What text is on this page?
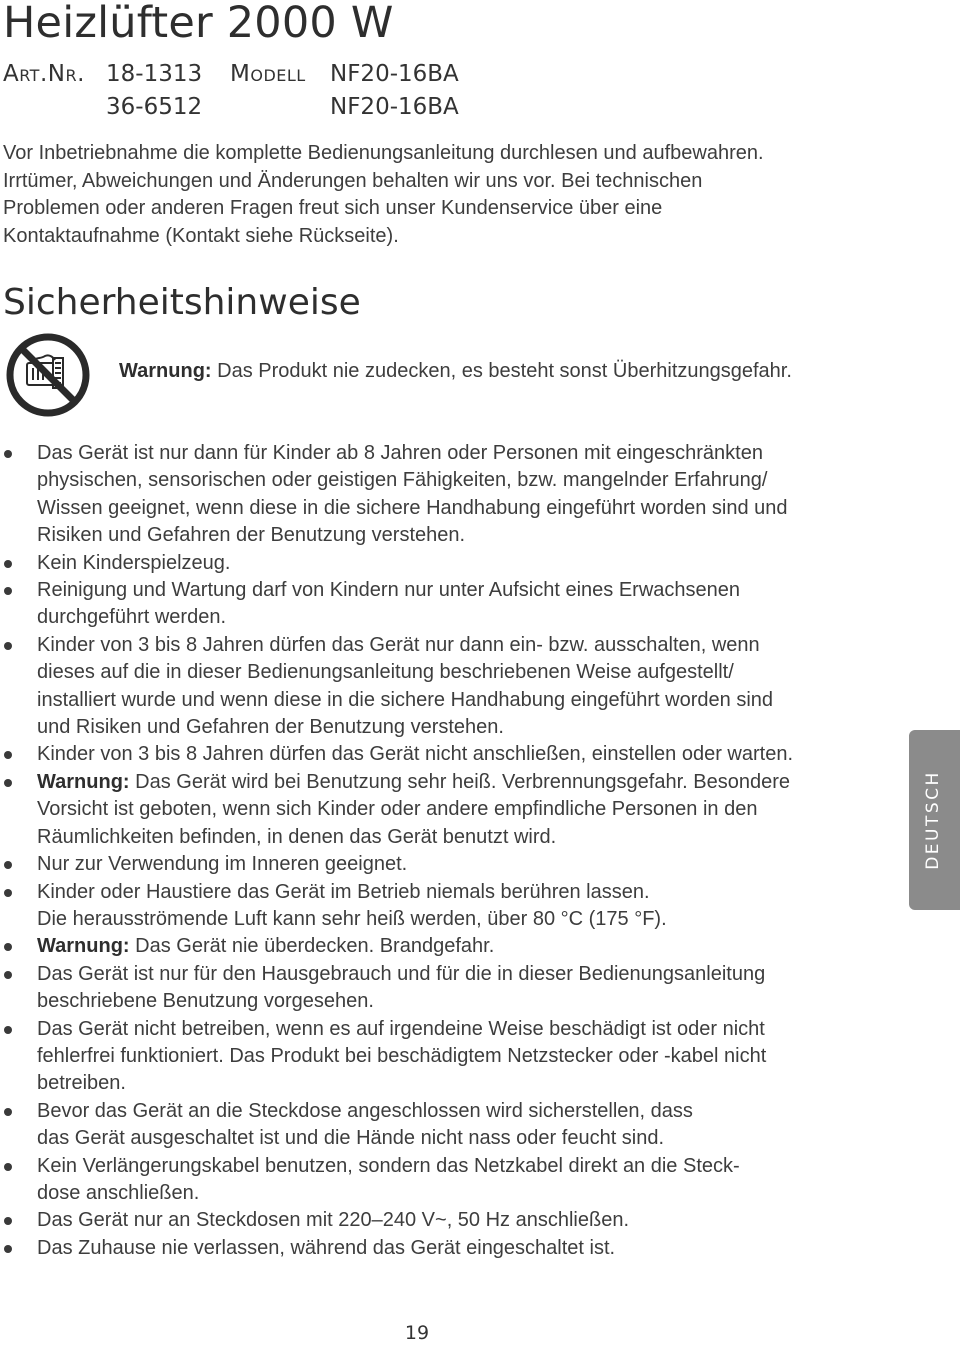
Heizlüfter 2000 W
Art.Nr. 18-1313 Modell NF20-16BA
36-6512	NF20-16BA

Vor Inbetriebnahme die komplette Bedienungsanleitung durchlesen und aufbewahren.

Irrtümer, Abweichungen und Änderungen behalten wir uns vor. Bei technischen

Problemen oder anderen Fragen freut sich unser Kundenservice über eine

Kontaktaufnahme (Kontakt siehe Rückseite).

Sicherheitshinweise
Warnung: Das Produkt nie zudecken, es besteht sonst Überhitzungsgefahr.
Das Gerät ist nur dann für Kinder ab 8 Jahren oder Personen mit eingeschränkten
physischen, sensorischen oder geistigen Fähigkeiten, bzw. mangelnder Erfahrung/
Wissen geeignet, wenn diese in die sichere Handhabung eingeführt worden sind und
Risiken und Gefahren der Benutzung verstehen.
Kein Kinderspielzeug.
Reinigung und Wartung darf von Kindern nur unter Aufsicht eines Erwachsenen
durchgeführt werden.
Kinder von 3 bis 8 Jahren dürfen das Gerät nur dann ein- bzw. ausschalten, wenn
dieses auf die in dieser Bedienungsanleitung beschriebenen Weise aufgestellt/
installiert wurde und wenn diese in die sichere Handhabung eingeführt worden sind
und Risiken und Gefahren der Benutzung verstehen.
Kinder von 3 bis 8 Jahren dürfen das Gerät nicht anschließen, einstellen oder warten.
Warnung: Das Gerät wird bei Benutzung sehr heiß. Verbrennungsgefahr. Besondere
Vorsicht ist geboten, wenn sich Kinder oder andere empfindliche Personen in den
Räumlichkeiten befinden, in denen das Gerät benutzt wird.
Nur zur Verwendung im Inneren geeignet.
Kinder oder Haustiere das Gerät im Betrieb niemals berühren lassen.
Die herausströmende Luft kann sehr heiß werden, über 80 °C (175 °F).
Warnung: Das Gerät nie überdecken. Brandgefahr.
Das Gerät ist nur für den Hausgebrauch und für die in dieser Bedienungsanleitung
beschriebene Benutzung vorgesehen.
Das Gerät nicht betreiben, wenn es auf irgendeine Weise beschädigt ist oder nicht
fehlerfrei funktioniert. Das Produkt bei beschädigtem Netzstecker oder -kabel nicht
betreiben.
Bevor das Gerät an die Steckdose angeschlossen wird sicherstellen, dass
das Gerät ausgeschaltet ist und die Hände nicht nass oder feucht sind.
Kein Verlängerungskabel benutzen, sondern das Netzkabel direkt an die Steck-
dose anschließen.
Das Gerät nur an Steckdosen mit 220–240 V~, 50 Hz anschließen.
Das Zuhause nie verlassen, während das Gerät eingeschaltet ist.
DEUTSCH
19
